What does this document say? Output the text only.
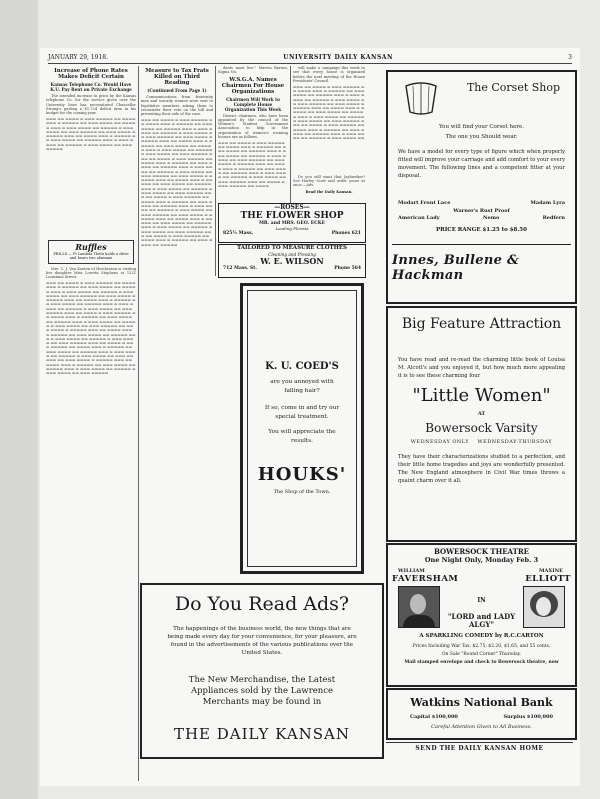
JANUARY 29, 1918.	UNIVERSITY DAILY KANSAN	3
Increase of Phone Rates Makes Deficit Certain
Kansas Telephone Co. Would Have K.U. Pay Rent on Private Exchange
The intended increase in price by the Kansas telephone Co. for the service given over the University lines has necessitated Chancellor Strong's putting a $1,724 deficit item in his budget for the coming year.
▬▬▬ ▬▬ ▬▬▬▬ ▬ ▬▬▬ ▬▬▬▬▬ ▬▬ ▬▬▬▬ ▬▬▬ ▬ ▬▬▬▬▬ ▬▬ ▬▬▬ ▬▬▬▬ ▬▬ ▬▬▬▬▬ ▬▬▬ ▬ ▬▬▬ ▬▬▬▬ ▬▬ ▬▬▬▬▬ ▬ ▬▬▬ ▬▬▬▬ ▬▬ ▬▬▬ ▬▬▬▬▬ ▬▬ ▬▬▬ ▬▬▬▬ ▬ ▬▬▬▬▬ ▬▬▬ ▬▬ ▬▬▬▬ ▬▬▬ ▬ ▬▬▬▬▬ ▬▬ ▬▬▬ ▬▬▬▬ ▬▬ ▬▬▬▬▬ ▬▬▬ ▬ ▬▬▬ ▬▬▬▬ ▬▬ ▬▬▬▬▬ ▬ ▬▬▬ ▬▬▬▬ ▬▬ ▬▬▬ ▬▬▬▬▬
Ruffles
FRILLS — Pi Lambda Theta holds a drive and hears two alumnae
Mrs. C. J. Van Koeten of Hutchinson is visiting her daughter Miss Loretta Stephens at 1221 Louisiana Street.
▬▬▬ ▬▬ ▬▬▬▬ ▬ ▬▬▬ ▬▬▬▬▬ ▬▬ ▬▬▬▬ ▬▬▬ ▬ ▬▬▬▬▬ ▬▬ ▬▬▬ ▬▬▬▬ ▬▬ ▬▬▬▬▬ ▬▬▬ ▬ ▬▬▬ ▬▬▬▬ ▬▬ ▬▬▬▬▬ ▬ ▬▬▬ ▬▬▬▬ ▬▬ ▬▬▬ ▬▬▬▬▬ ▬▬ ▬▬▬ ▬▬▬▬ ▬ ▬▬▬▬▬ ▬▬▬ ▬▬ ▬▬▬▬ ▬▬▬ ▬ ▬▬▬▬▬ ▬▬ ▬▬▬ ▬▬▬▬ ▬▬ ▬▬▬▬▬ ▬▬▬ ▬ ▬▬▬ ▬▬▬▬ ▬▬ ▬▬▬▬▬ ▬ ▬▬▬ ▬▬▬▬ ▬▬ ▬▬▬ ▬▬▬▬▬ ▬▬▬ ▬▬ ▬▬▬▬ ▬ ▬▬▬ ▬▬▬▬▬ ▬▬ ▬▬▬▬ ▬▬▬ ▬ ▬▬▬▬▬ ▬▬ ▬▬▬ ▬▬▬▬ ▬▬ ▬▬▬▬▬ ▬▬▬ ▬ ▬▬▬ ▬▬▬▬ ▬▬ ▬▬▬▬▬ ▬ ▬▬▬ ▬▬▬▬ ▬▬ ▬▬▬ ▬▬▬▬▬ ▬▬ ▬▬▬ ▬▬▬▬ ▬ ▬▬▬▬▬ ▬▬▬ ▬▬ ▬▬▬▬ ▬▬▬ ▬ ▬▬▬▬▬ ▬▬ ▬▬▬ ▬▬▬▬ ▬▬ ▬▬▬▬▬ ▬▬▬ ▬ ▬▬▬ ▬▬▬▬ ▬▬ ▬▬▬▬▬ ▬ ▬▬▬ ▬▬▬▬ ▬▬ ▬▬▬ ▬▬▬▬▬ ▬▬▬ ▬▬ ▬▬▬▬ ▬ ▬▬▬ ▬▬▬▬▬ ▬▬ ▬▬▬▬ ▬▬▬ ▬ ▬▬▬▬▬ ▬▬ ▬▬▬ ▬▬▬▬ ▬▬ ▬▬▬▬▬ ▬▬▬ ▬ ▬▬▬ ▬▬▬▬ ▬▬ ▬▬▬▬▬ ▬ ▬▬▬ ▬▬▬▬ ▬▬ ▬▬▬ ▬▬▬▬▬ ▬▬ ▬▬▬ ▬▬▬▬ ▬ ▬▬▬▬▬ ▬▬▬ ▬▬ ▬▬▬▬ ▬▬▬ ▬ ▬▬▬▬▬ ▬▬ ▬▬▬ ▬▬▬▬ ▬▬ ▬▬▬▬▬ ▬▬▬ ▬ ▬▬▬ ▬▬▬▬ ▬▬ ▬▬▬▬▬ ▬ ▬▬▬ ▬▬▬▬ ▬▬ ▬▬▬ ▬▬▬▬▬
Measure to Tax Frats Killed on Third Reading
(Continued From Page 1)
Communications from fraternity men and sorority women were sent to legislative members asking them to reconsider their vote on the bill and presenting their side of the case.
▬▬▬ ▬▬ ▬▬▬▬ ▬ ▬▬▬ ▬▬▬▬▬ ▬▬ ▬▬▬▬ ▬▬▬ ▬ ▬▬▬▬▬ ▬▬ ▬▬▬ ▬▬▬▬ ▬▬ ▬▬▬▬▬ ▬▬▬ ▬ ▬▬▬ ▬▬▬▬ ▬▬ ▬▬▬▬▬ ▬ ▬▬▬ ▬▬▬▬ ▬▬ ▬▬▬ ▬▬▬▬▬ ▬▬ ▬▬▬ ▬▬▬▬ ▬ ▬▬▬▬▬ ▬▬▬ ▬▬ ▬▬▬▬ ▬▬▬ ▬ ▬▬▬▬▬ ▬▬ ▬▬▬ ▬▬▬▬ ▬▬ ▬▬▬▬▬ ▬▬▬ ▬ ▬▬▬ ▬▬▬▬ ▬▬ ▬▬▬▬▬ ▬ ▬▬▬ ▬▬▬▬ ▬▬ ▬▬▬ ▬▬▬▬▬ ▬▬▬ ▬▬ ▬▬▬▬ ▬ ▬▬▬ ▬▬▬▬▬ ▬▬ ▬▬▬▬ ▬▬▬ ▬ ▬▬▬▬▬ ▬▬ ▬▬▬ ▬▬▬▬ ▬▬ ▬▬▬▬▬ ▬▬▬ ▬ ▬▬▬ ▬▬▬▬ ▬▬ ▬▬▬▬▬ ▬ ▬▬▬ ▬▬▬▬ ▬▬ ▬▬▬ ▬▬▬▬▬ ▬▬ ▬▬▬ ▬▬▬▬ ▬ ▬▬▬▬▬ ▬▬▬ ▬▬ ▬▬▬▬ ▬▬▬ ▬ ▬▬▬▬▬ ▬▬ ▬▬▬ ▬▬▬▬ ▬▬ ▬▬▬▬▬ ▬▬▬ ▬ ▬▬▬ ▬▬▬▬ ▬▬ ▬▬▬▬▬ ▬ ▬▬▬ ▬▬▬▬ ▬▬ ▬▬▬ ▬▬▬▬▬ ▬▬▬ ▬▬ ▬▬▬▬ ▬ ▬▬▬ ▬▬▬▬▬ ▬▬ ▬▬▬▬ ▬▬▬ ▬ ▬▬▬▬▬ ▬▬ ▬▬▬ ▬▬▬▬ ▬▬ ▬▬▬▬▬ ▬▬▬ ▬ ▬▬▬ ▬▬▬▬ ▬▬ ▬▬▬▬▬ ▬ ▬▬▬ ▬▬▬▬ ▬▬ ▬▬▬ ▬▬▬▬▬ ▬▬ ▬▬▬ ▬▬▬▬ ▬ ▬▬▬▬▬ ▬▬▬ ▬▬ ▬▬▬▬ ▬▬▬ ▬ ▬▬▬▬▬ ▬▬ ▬▬▬ ▬▬▬▬ ▬▬ ▬▬▬▬▬ ▬▬▬ ▬ ▬▬▬ ▬▬▬▬ ▬▬ ▬▬▬▬▬ ▬ ▬▬▬ ▬▬▬▬ ▬▬ ▬▬▬ ▬▬▬▬▬ ▬▬▬ ▬▬ ▬▬▬▬ ▬ ▬▬▬ ▬▬▬▬▬ ▬▬ ▬▬▬▬ ▬▬▬ ▬ ▬▬▬▬▬ ▬▬ ▬▬▬ ▬▬▬▬ ▬▬ ▬▬▬▬▬
dents must live." Marvin Barnes, Sigma Nu.
W.S.G.A. Names Chairmen For House Organizations
Chairmen Will Work to Complete House Organization This Week
District chairmen, who have been appointed by the council of the Women's Student Government Association to help in the organization of women's rooming houses are as follows.
▬▬▬ ▬▬ ▬▬▬▬ ▬ ▬▬▬ ▬▬▬▬▬ ▬▬ ▬▬▬▬ ▬▬▬ ▬ ▬▬▬▬▬ ▬▬ ▬▬▬ ▬▬▬▬ ▬▬ ▬▬▬▬▬ ▬▬▬ ▬ ▬▬▬ ▬▬▬▬ ▬▬ ▬▬▬▬▬ ▬ ▬▬▬ ▬▬▬▬ ▬▬ ▬▬▬ ▬▬▬▬▬ ▬▬ ▬▬▬ ▬▬▬▬ ▬ ▬▬▬▬▬ ▬▬▬ ▬▬ ▬▬▬▬ ▬▬▬ ▬ ▬▬▬▬▬ ▬▬ ▬▬▬ ▬▬▬▬ ▬▬ ▬▬▬▬▬ ▬▬▬ ▬ ▬▬▬ ▬▬▬▬ ▬▬ ▬▬▬▬▬ ▬ ▬▬▬ ▬▬▬▬ ▬▬ ▬▬▬ ▬▬▬▬▬ ▬▬▬ ▬▬ ▬▬▬▬ ▬ ▬▬▬ ▬▬▬▬▬ ▬▬ ▬▬▬▬
will make a campaign this week to see that every house is organized before the next meeting of the House Presidents' Council.
▬▬▬ ▬▬ ▬▬▬▬ ▬ ▬▬▬ ▬▬▬▬▬ ▬▬ ▬▬▬▬ ▬▬▬ ▬ ▬▬▬▬▬ ▬▬ ▬▬▬ ▬▬▬▬ ▬▬ ▬▬▬▬▬ ▬▬▬ ▬ ▬▬▬ ▬▬▬▬ ▬▬ ▬▬▬▬▬ ▬ ▬▬▬ ▬▬▬▬ ▬▬ ▬▬▬ ▬▬▬▬▬ ▬▬ ▬▬▬ ▬▬▬▬ ▬ ▬▬▬▬▬ ▬▬▬ ▬▬ ▬▬▬▬ ▬▬▬ ▬ ▬▬▬▬▬ ▬▬ ▬▬▬ ▬▬▬▬ ▬▬ ▬▬▬▬▬ ▬▬▬ ▬ ▬▬▬ ▬▬▬▬ ▬▬ ▬▬▬▬▬ ▬ ▬▬▬ ▬▬▬▬ ▬▬ ▬▬▬ ▬▬▬▬▬ ▬▬▬ ▬▬ ▬▬▬▬ ▬ ▬▬▬ ▬▬▬▬▬ ▬▬ ▬▬▬▬ ▬▬▬ ▬ ▬▬▬▬▬ ▬▬ ▬▬▬ ▬▬▬▬ ▬▬ ▬▬▬▬▬ ▬▬▬ ▬ ▬▬▬ ▬▬▬▬ ▬▬ ▬▬▬▬▬ ▬ ▬▬▬ ▬▬▬▬ ▬▬
Do you still want that Jayhawker? See Harley Scott and order yours at once.—Adv.
Read the Daily Kansan.
—ROSES—
THE FLOWER SHOP
MR. and MRS. GEO. ECKE
Leading Florists
825½ Mass.	Phones 621
TAILORED TO MEASURE CLOTHES
Cleaning and Pressing
W. E. WILSON
712 Mass. St.	Phone 564
K. U. COED'S
are you annoyed with falling hair?
If so, come in and try our special treatment.
You will appreciate the results.
HOUKS'
The Shop of the Town.
The Corset Shop
You will find your Corset here.
The one you Should wear.
We have a model for every type of figure which when properly fitted will improve your carriage and add comfort to your every movement. The following lines and a competent fitter at your disposal.
Modart Front Lace	Madam Lyra
Warner's Rust Proof
American Lady	Nemo	Redfern
PRICE RANGE $1.25 to $8.50
Innes, Bullene & Hackman
Big Feature Attraction
You have read and re-read the charming little book of Louisa M. Alcott's and you enjoyed it, but how much more appealing it is to see these charming four
"Little Women"
AT
Bowersock Varsity
WEDNESDAY ONLY    WEDNESDAY-THURSDAY
They have their characterizations studied to a perfection, and their little home tragedies and joys are wonderfully presented. The New England atmosphere in Civil War times throws a quaint charm over it all.
BOWERSOCK THEATRE
One Night Only, Monday Feb. 3
WILLIAM
FAVERSHAM
MAXINE
ELLIOTT
IN
"LORD and LADY ALGY"
A SPARKLING COMEDY by R.C.CARTON
Prices Including War Tax, $2.75, $2.20, $1.65, and 55 cents.
On Sale "Round Corner" Thursday.
Mail stamped envelope and check to Bowersock theatre, now
Watkins National Bank
Capital $100,000	Surplus $100,000
Careful Attention Given to All Business.
Do You Read Ads?
The happenings of the business world, the new things that are being made every day for your convenience, for your pleasure, are found in the advertisements of the various publications over the United States.
The New Merchandise, the Latest Appliances sold by the Lawrence Merchants may be found in
THE DAILY KANSAN
SEND THE DAILY KANSAN HOME
